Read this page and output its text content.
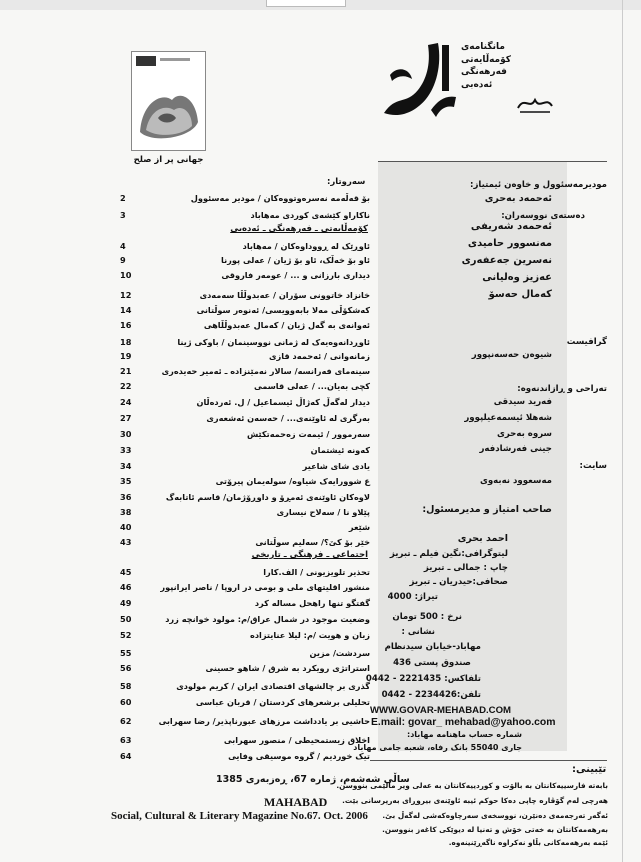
مانگنامەی
کۆمەڵایەتی
فەرهەنگی
ئەدەبی
جهانی پر از صلح
مودیرمەسئوول و خاوەن ئیمتیاز:
ئەحمەد بەحری
دەستەی نووسەران:
ئەحمەد شەریفی
مەنسوور حامیدی
نەسرین جەعفەری
عەزیز وەلیانی
کەمال حەسۆ
گرافیست
شیوەن حەسەنپوور
تەراحی و ڕازاندنەوە:
فەرید سیدقی
شەهلا ئیسمەعیلپوور
سروە بەحری
جینی فەرشادفەر
سایت:
مەسعوود نەبەوی
صاحب امتیاز و مدیرمسئول:
احمد بحری
لیتوگرافی:نگین فیلم ـ تبریز
چاپ : جمالی ـ تبریز
صحافی:حیدریان ـ تبریز
تیراژ: 4000
نرخ : 500 تومان
نشانی :
مهاباد-خیابان سیدنظام
صندوق پستی 436
تلفاکس: 2221435 - 0442
تلفن:2234426 - 0442
WWW.GOVAR-MEHABAD.COM
E.mail: govar_ mehabad@yahoo.com
شماره حساب ماهنامه مهاباد:
جاری 55040 بانک رفاه، شعبه جامی مهاباد
سەروتار:
2	بۆ قەڵەمە نەسرەوتووەکان / مودیر مەسئوول
3	ناکاراو کێشەی کوردی مەهاباد
کۆمەڵایەتی ـ فەرهەنگی ـ ئەدەبی
4	ئاوڕێک لە ڕووداوەکان / مەهاباد
9	ئاو بۆ خەڵک، ئاو بۆ ژیان / عەلی پورنا
10	دیداری بارزانی و ... / عومەر فاروقی
12	خانزاد خاتوونی سۆران / عەبدوڵڵا سەمەدی
14	کەشکۆڵی مەلا بابەوویسی/ ئەنوەر سوڵتانی
16	ئەوانەی بە گەل ژیان / کەمال عەبدوڵڵاهی
18	ئاوڕدانەوەیەک لە ژمانی نووسینمان / باوکی ژینا
19	زمانەوانی / ئەحمەد قازی
21	سینەمای فەرانسە/ سالار نەمێنزادە ـ ئەمیر حەیدەری
22	کچی بەیان... / عەلی قاسمی
24	دیدار لەگەڵ کەژاڵ ئیسماعیل / ل. ئەردەڵان
27	بەرگری لە ئاوێنەی... / حەسەن ئەشعەری
30	سەرموور / ئیمەت زەحمەتکێش
33	کەونە ئیشتمان
34	یادی شای شاعیر
35	ع شوورایەک شیاوە/ سولەیمان پیرۆتی
36	لاوەکان ئاوێنەی ئەمڕۆ و داوڕۆژمان/ قاسم ئاتابەگ
38	پێلاو نا / سەلاح نیساری
40	شێعر
43	خێر بۆ کێ؟/ سەلیم سوڵتانی
اجتماعی ـ فرهنگی ـ تاریخی
45	تحذیر تلویزیونی / الف.کارا
46	منشور اقلیتهای ملی و بومی در اروپا / ناصر ایرانپور
49	گفتگو تنها راهحل مساله کرد
50	وضعیت موجود در شمال عراق/م: مولود خوانچه زرد
52	زبان و هویت /م: لیلا عنایتزاده
55	سردشت/ مزین
56	استراتژی رویکرد به شرق / شاهو حسینی
58	گذری بر چالشهای اقتصادی ایران / کریم مولودی
60	تحلیلی برشعرهای کردستان / قربان عباسی
62	حاشیی بر یادداشت مرزهای عبورناپذیر/ رضا سهرابی
63	اخلاق زیستمحیطی / منصور سهرابی
64	تیک خوردیم / گروه موسیقی وفایی
ساڵی شەشەم، ژمارە 67، ڕەزبەری 1385
MAHABAD
Social, Cultural & Literary Magazine No.67. Oct. 2006
تێبینی:
بابەتە فارسییەکانتان بە بالۆت و کوردییەکانتان بە عەلی ویر مالێمی بنووسن.
هەرچی لەم گۆڤارە چاپی دەکا حوکم ئیبە ئاوێنەی بیروڕای بەرپرسانی بێت.
ئەگەر تەرجەمەی دەنێرن، نووسخەی سەرچاوەکەشی لەگەڵ بێ.
بەرهەمەکانتان بە خەتی خۆش و تەنیا لە دیوێکی کاغەز بنووسن.
ئێمە بەرهەمەکانی بڵاو نەکراوە ناگەڕێنینەوە.
